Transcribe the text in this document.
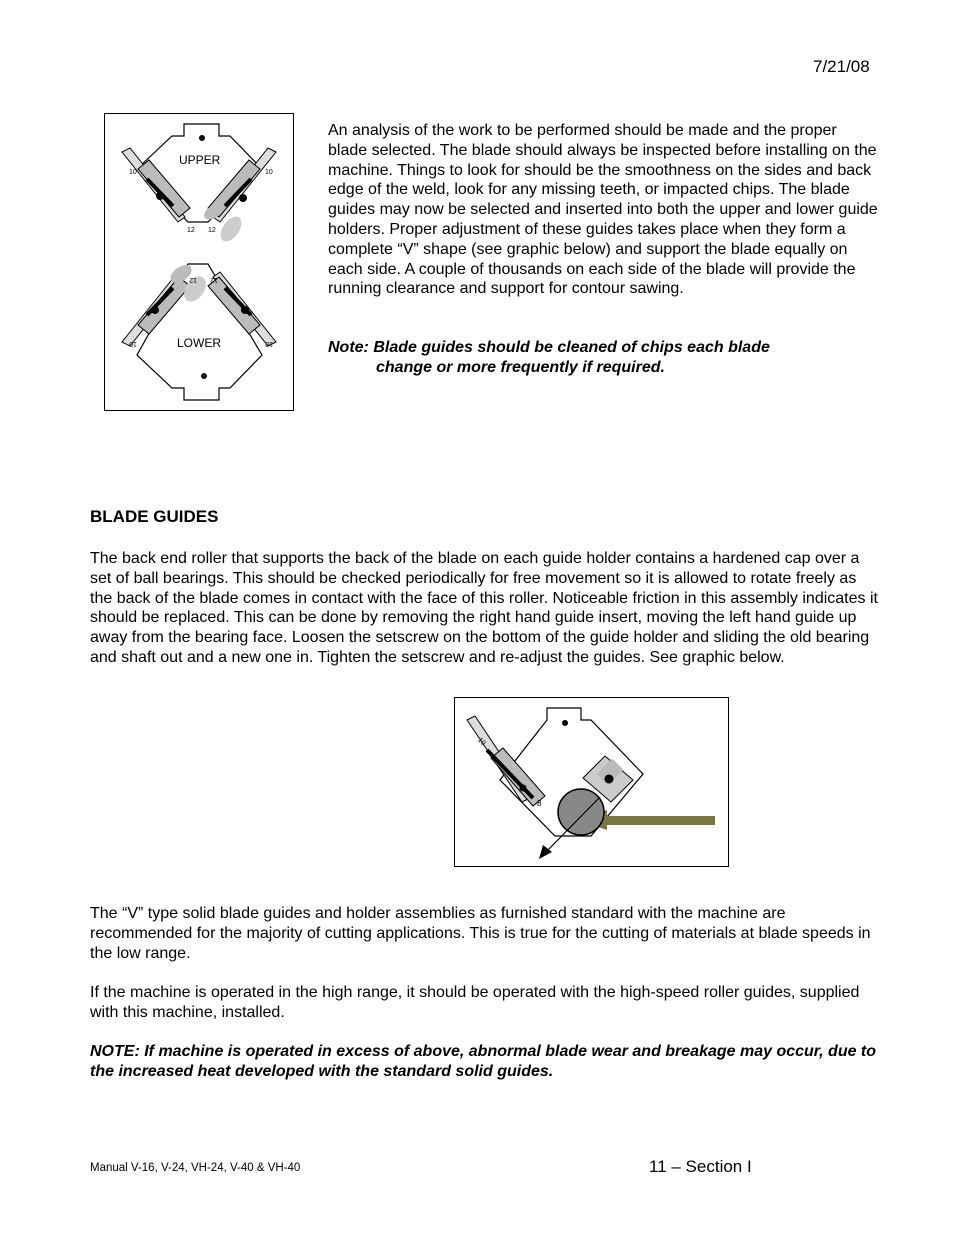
7/21/08
UPPER
10	10
12 12
LOWER
12 12
10	10

An analysis of the work to be performed should be made and the proper blade selected. The blade should always be inspected before installing on the machine. Things to look for should be the smoothness on the sides and back edge of the weld, look for any missing teeth, or impacted chips. The blade guides may now be selected and inserted into both the upper and lower guide holders. Proper adjustment of these guides takes place when they form a complete “V” shape (see graphic below) and support the blade equally on each side. A couple of thousands on each side of the blade will provide the running clearance and support for contour sawing.

Note: Blade guides should be cleaned of chips each blade
change or more frequently if required.

BLADE GUIDES

The back end roller that supports the back of the blade on each guide holder contains a hardened cap over a set of ball bearings. This should be checked periodically for free movement so it is allowed to rotate freely as the back of the blade comes in contact with the face of this roller. Noticeable friction in this assembly indicates it should be replaced. This can be done by removing the right hand guide insert, moving the left hand guide up away from the bearing face. Loosen the setscrew on the bottom of the guide holder and sliding the old bearing and shaft out and a new one in. Tighten the setscrew and re-adjust the guides. See graphic below.

10
8

The “V” type solid blade guides and holder assemblies as furnished standard with the machine are recommended for the majority of cutting applications. This is true for the cutting of materials at blade speeds in the low range.

If the machine is operated in the high range, it should be operated with the high-speed roller guides, supplied with this machine, installed.

NOTE: If machine is operated in excess of above, abnormal blade wear and breakage may occur, due to the increased heat developed with the standard solid guides.

Manual V-16, V-24, VH-24, V-40 & VH-40	11 – Section I
